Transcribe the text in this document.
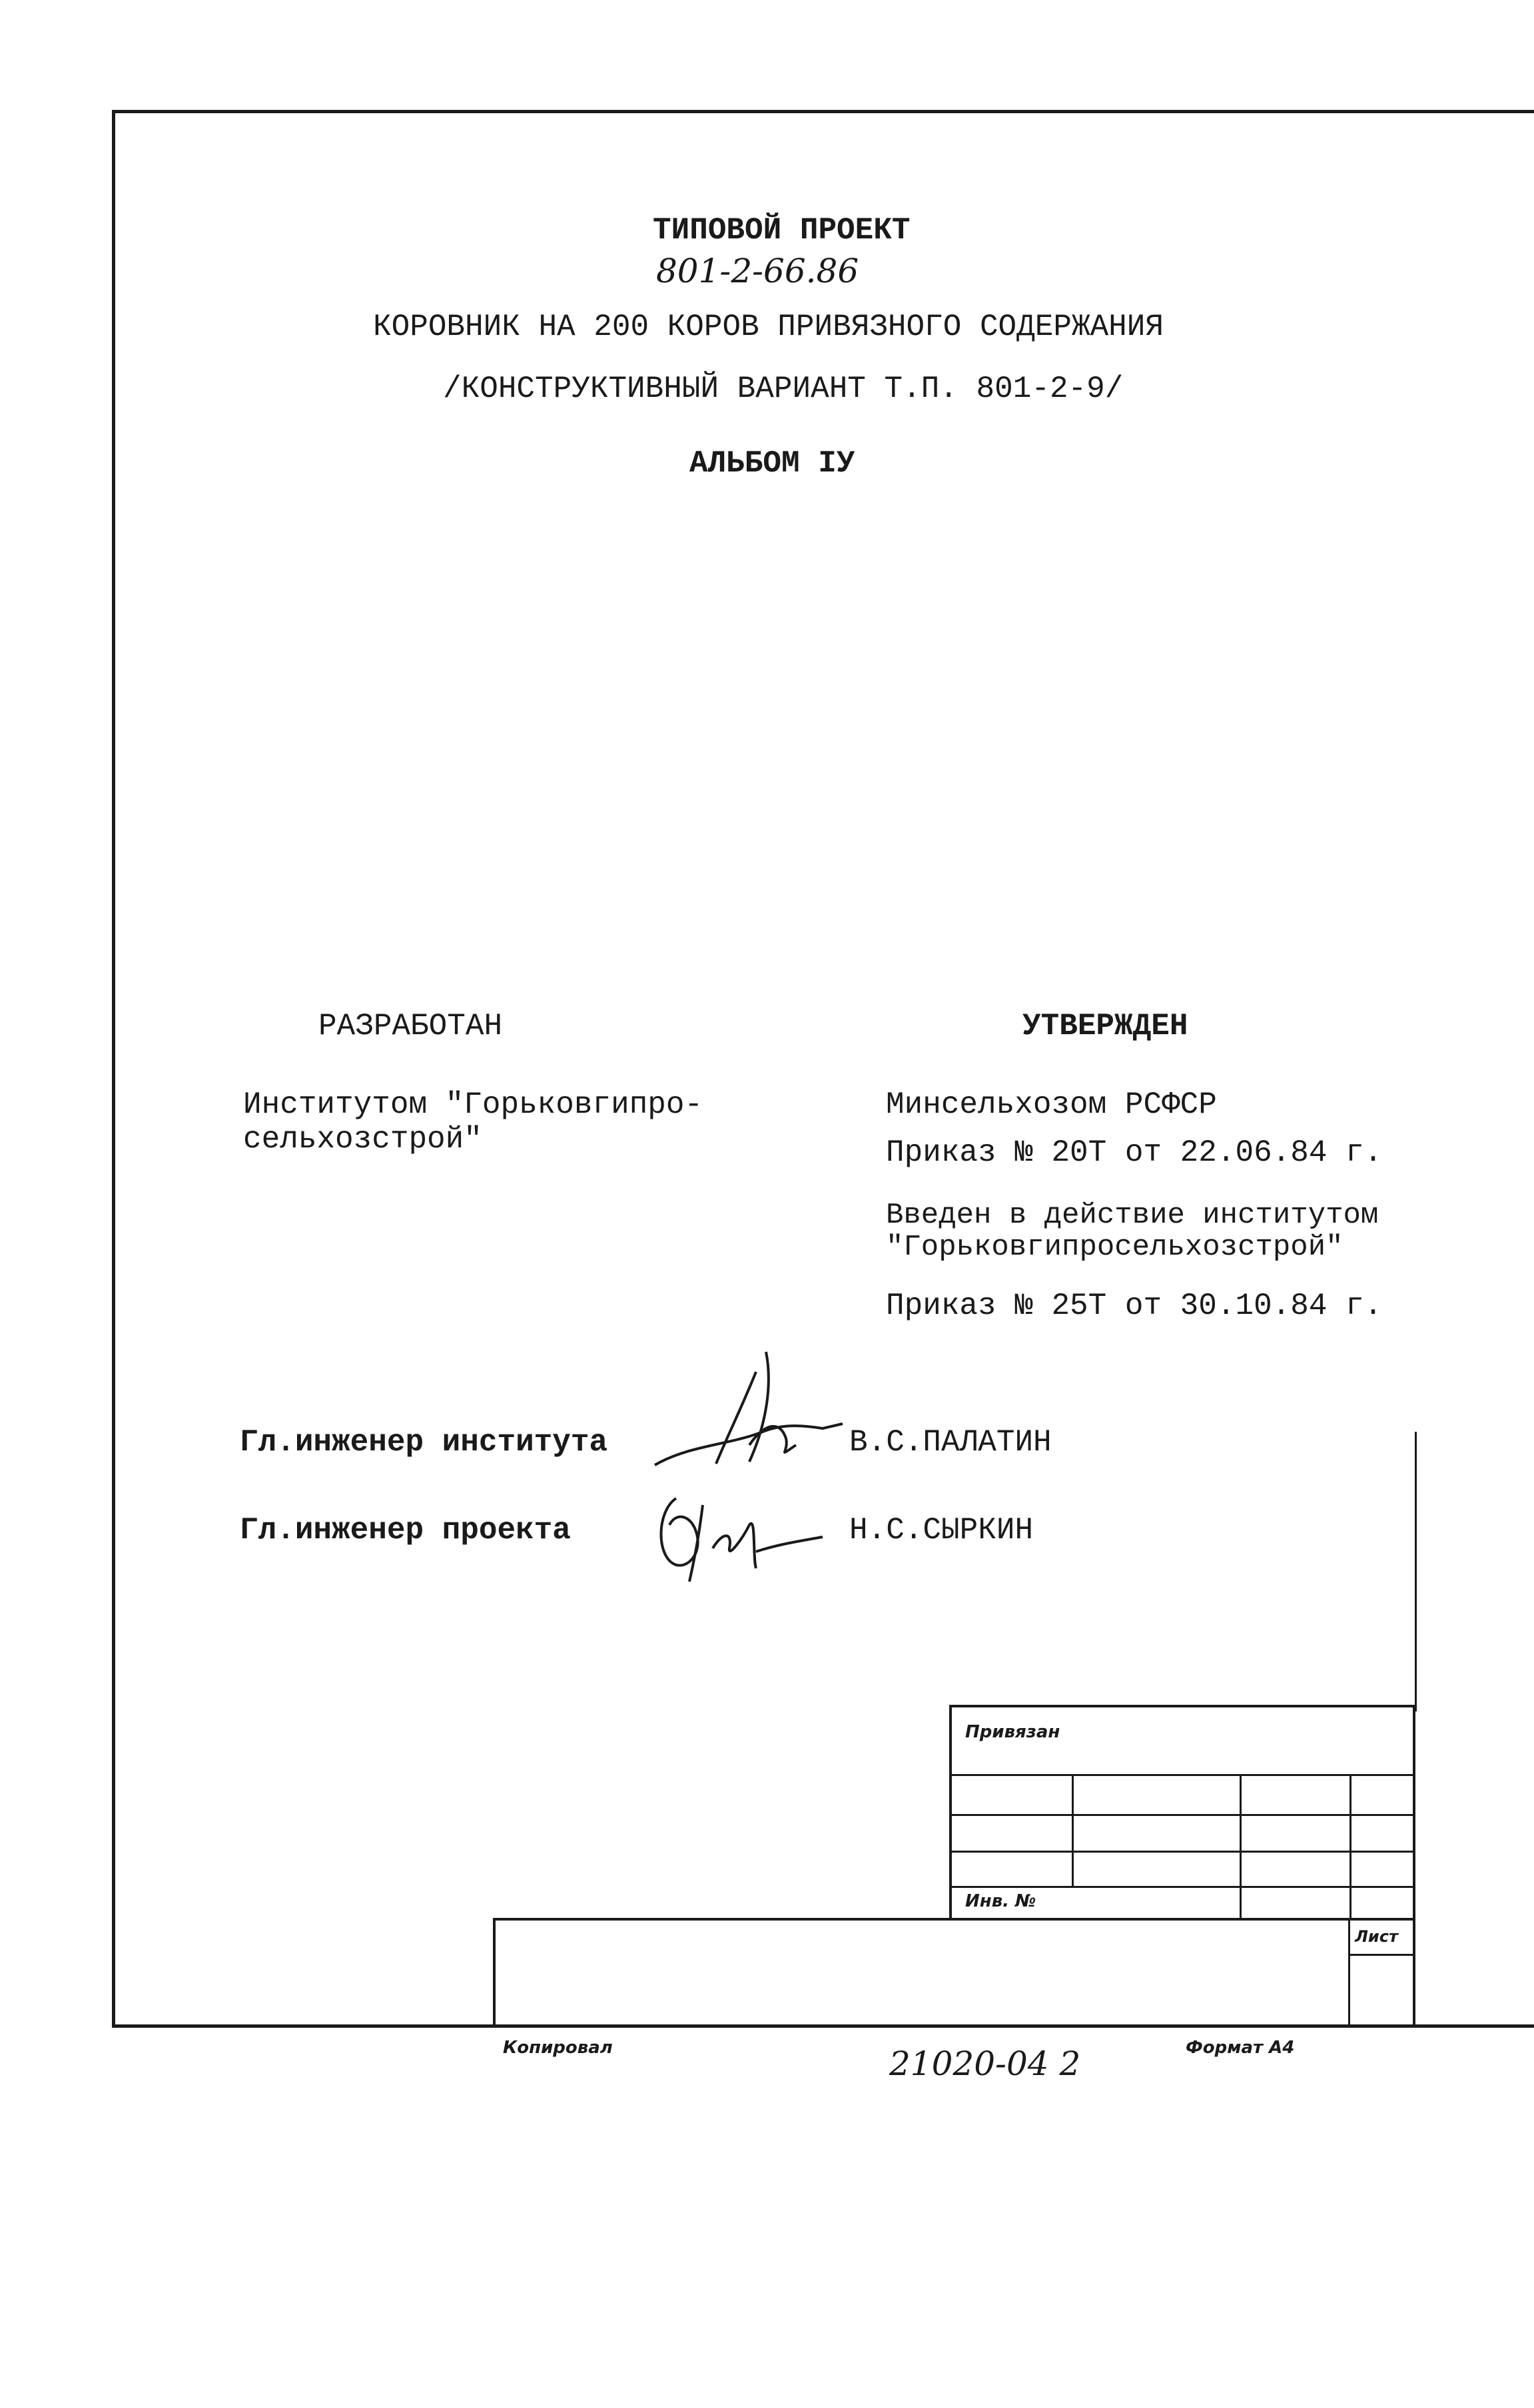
ТИПОВОЙ ПРОЕКТ
801-2-66.86
КОРОВНИК НА 200 КОРОВ ПРИВЯЗНОГО СОДЕРЖАНИЯ
/КОНСТРУКТИВНЫЙ ВАРИАНТ Т.П. 801-2-9/
АЛЬБОМ IУ
РАЗРАБОТАН
Институтом "Горьковгипро-
сельхозстрой"
УТВЕРЖДЕН
Минсельхозом РСФСР
Приказ № 20Т от 22.06.84 г.
Введен в действие институтом
"Горьковгипросельхозстрой"
Приказ № 25Т от 30.10.84 г.
Гл.инженер института	В.С.ПАЛАТИН
Гл.инженер проекта	Н.С.СЫРКИН
Привязан
Инв. №
Лист
Копировал	21020-04 2	Формат А4
